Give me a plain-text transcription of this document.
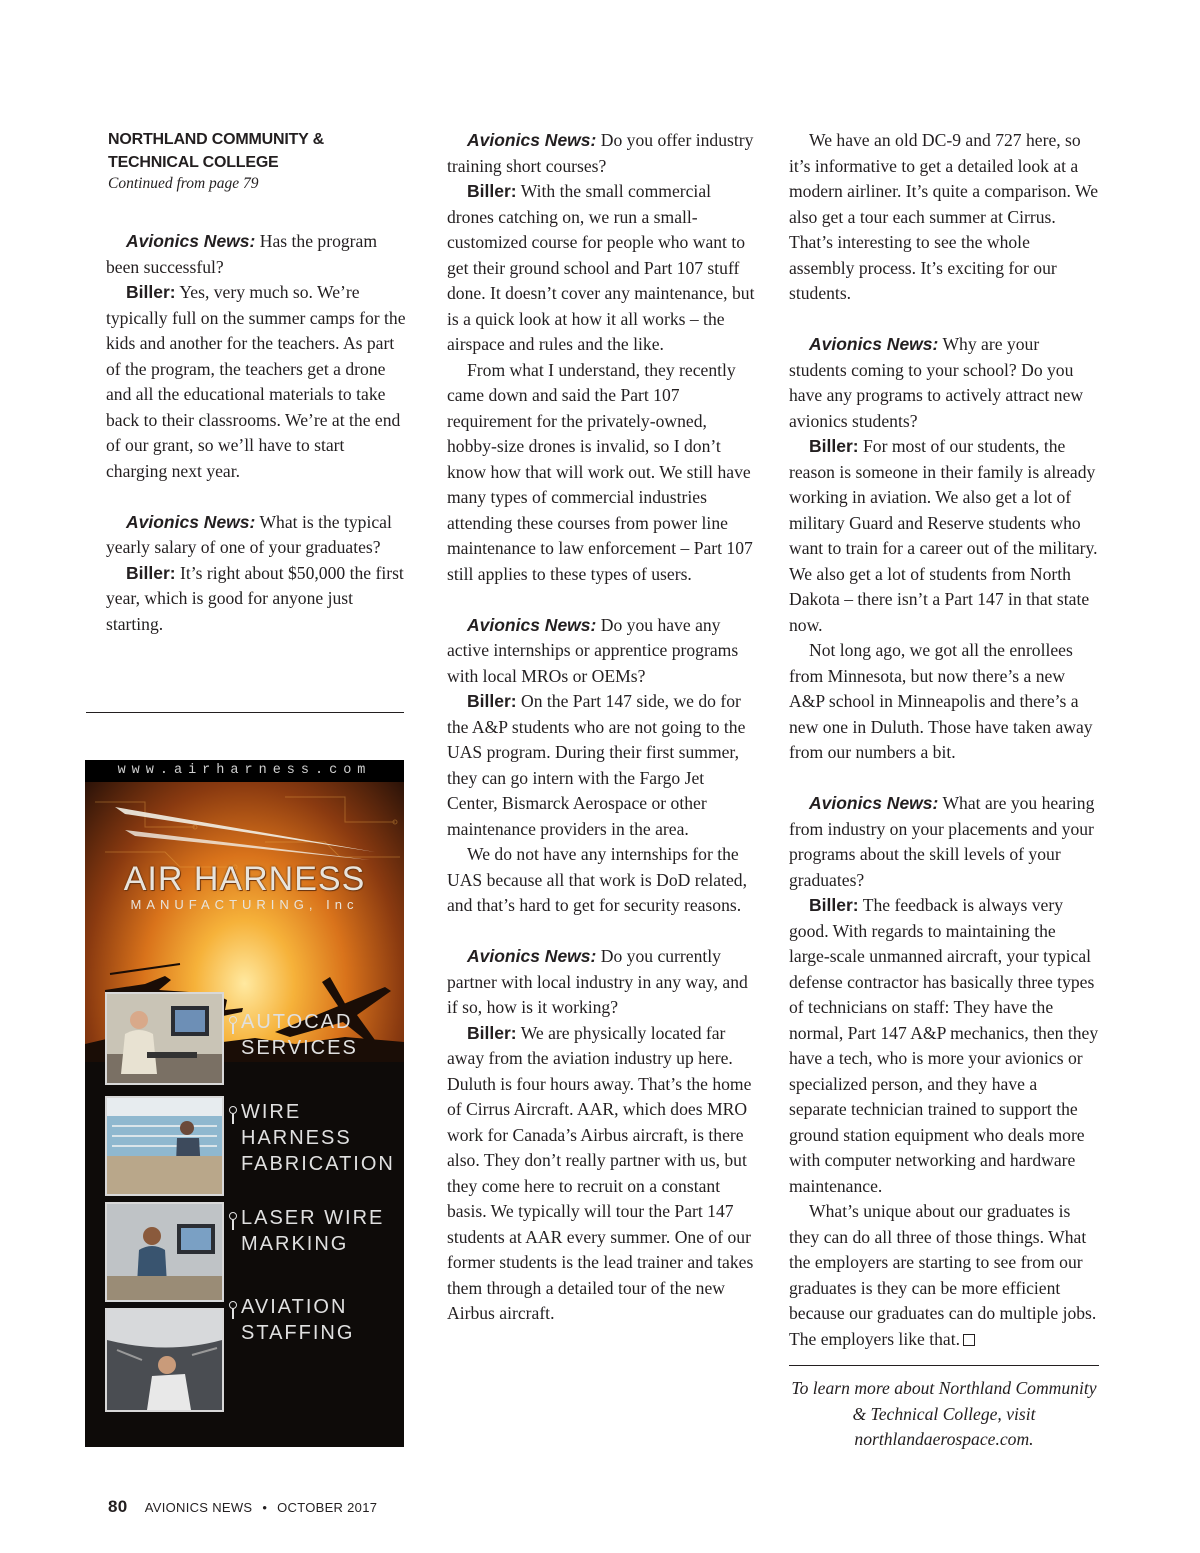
NORTHLAND COMMUNITY &
TECHNICAL COLLEGE
Continued from page 79

Avionics News: Has the program been successful?

Biller: Yes, very much so. We’re typically full on the summer camps for the kids and another for the teachers. As part of the program, the teachers get a drone and all the educational materials to take back to their classrooms. We’re at the end of our grant, so we’ll have to start charging next year.

Avionics News: What is the typical yearly salary of one of your graduates?

Biller: It’s right about $50,000 the first year, which is good for anyone just starting.

www.airharness.com
AIR HARNESS
MANUFACTURING, Inc
AUTOCAD
SERVICES
WIRE
HARNESS
FABRICATION
LASER WIRE
MARKING
AVIATION
STAFFING

Avionics News: Do you offer industry training short courses?

Biller: With the small commercial drones catching on, we run a small-customized course for people who want to get their ground school and Part 107 stuff done. It doesn’t cover any maintenance, but is a quick look at how it all works – the airspace and rules and the like.

From what I understand, they recently came down and said the Part 107 requirement for the privately-owned, hobby-size drones is invalid, so I don’t know how that will work out. We still have many types of commercial industries attending these courses from power line maintenance to law enforcement – Part 107 still applies to these types of users.

Avionics News: Do you have any active internships or apprentice programs with local MROs or OEMs?

Biller: On the Part 147 side, we do for the A&P students who are not going to the UAS program. During their first summer, they can go intern with the Fargo Jet Center, Bismarck Aerospace or other maintenance providers in the area.

We do not have any internships for the UAS because all that work is DoD related, and that’s hard to get for security reasons.

Avionics News: Do you currently partner with local industry in any way, and if so, how is it working?

Biller: We are physically located far away from the aviation industry up here. Duluth is four hours away. That’s the home of Cirrus Aircraft. AAR, which does MRO work for Canada’s Airbus aircraft, is there also. They don’t really partner with us, but they come here to recruit on a constant basis. We typically will tour the Part 147 students at AAR every summer. One of our former students is the lead trainer and takes them through a detailed tour of the new Airbus aircraft.

We have an old DC-9 and 727 here, so it’s informative to get a detailed look at a modern airliner. It’s quite a comparison. We also get a tour each summer at Cirrus. That’s interesting to see the whole assembly process. It’s exciting for our students.

Avionics News: Why are your students coming to your school? Do you have any programs to actively attract new avionics students?

Biller: For most of our students, the reason is someone in their family is already working in aviation. We also get a lot of military Guard and Reserve students who want to train for a career out of the military. We also get a lot of students from North Dakota – there isn’t a Part 147 in that state now.

Not long ago, we got all the enrollees from Minnesota, but now there’s a new A&P school in Minneapolis and there’s a new one in Duluth. Those have taken away from our numbers a bit.

Avionics News: What are you hearing from industry on your placements and your programs about the skill levels of your graduates?

Biller: The feedback is always very good. With regards to maintaining the large-scale unmanned aircraft, your typical defense contractor has basically three types of technicians on staff: They have the normal, Part 147 A&P mechanics, then they have a tech, who is more your avionics or specialized person, and they have a separate technician trained to support the ground station equipment who deals more with computer networking and hardware maintenance.

What’s unique about our graduates is they can do all three of those things. What the employers are starting to see from our graduates is they can be more efficient because our graduates can do multiple jobs. The employers like that.

To learn more about Northland Community & Technical College, visit northlandaerospace.com.
80 AVIONICS NEWS • OCTOBER 2017
